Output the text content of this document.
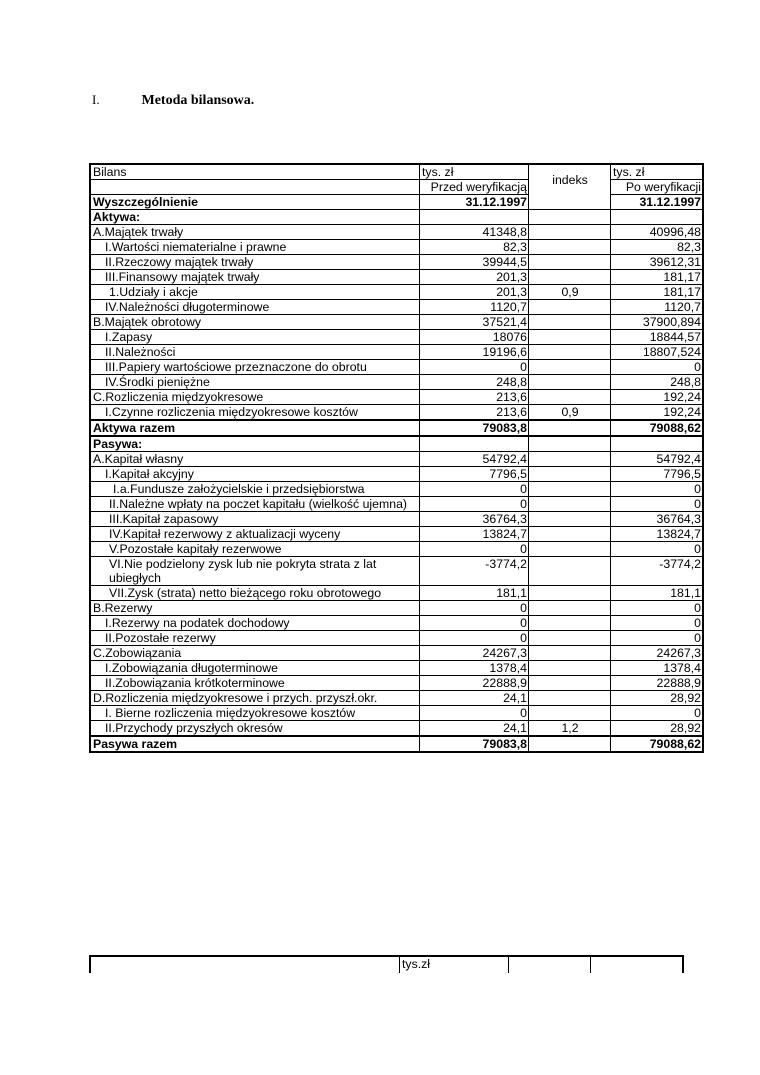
I.	Metoda bilansowa.
Bilans	tys. zł	indeks	tys. zł
	Przed weryfikacją		Po weryfikacji
Wyszczególnienie	31.12.1997		31.12.1997
Aktywa:			
A.Majątek trwały	41348,8		40996,48
I.Wartości niematerialne i prawne	82,3		82,3
II.Rzeczowy majątek trwały	39944,5		39612,31
III.Finansowy majątek trwały	201,3		181,17
1.Udziały i akcje	201,3	0,9	181,17
IV.Należności długoterminowe	1120,7		1120,7
B.Majątek obrotowy	37521,4		37900,894
I.Zapasy	18076		18844,57
II.Należności	19196,6		18807,524
III.Papiery wartościowe przeznaczone do obrotu	0		0
IV.Środki pieniężne	248,8		248,8
C.Rozliczenia międzyokresowe	213,6		192,24
I.Czynne rozliczenia międzyokresowe kosztów	213,6	0,9	192,24
Aktywa razem	79083,8		79088,62
Pasywa:			
A.Kapitał własny	54792,4		54792,4
I.Kapitał akcyjny	7796,5		7796,5
I.a.Fundusze założycielskie i przedsiębiorstwa	0		0
II.Należne wpłaty na poczet kapitału (wielkość ujemna)	0		0
III.Kapitał zapasowy	36764,3		36764,3
IV.Kapitał rezerwowy z aktualizacji wyceny	13824,7		13824,7
V.Pozostałe kapitały rezerwowe	0		0
VI.Nie podzielony zysk lub nie pokryta strata z lat ubiegłych	-3774,2		-3774,2
VII.Zysk (strata) netto bieżącego roku obrotowego	181,1		181,1
B.Rezerwy	0		0
I.Rezerwy na podatek dochodowy	0		0
II.Pozostałe rezerwy	0		0
C.Zobowiązania	24267,3		24267,3
I.Zobowiązania długoterminowe	1378,4		1378,4
II.Zobowiązania krótkoterminowe	22888,9		22888,9
D.Rozliczenia międzyokresowe i przych. przyszł.okr.	24,1		28,92
I. Bierne rozliczenia międzyokresowe kosztów	0		0
II.Przychody przyszłych okresów	24,1	1,2	28,92
Pasywa razem	79083,8		79088,62
	tys.zł		
